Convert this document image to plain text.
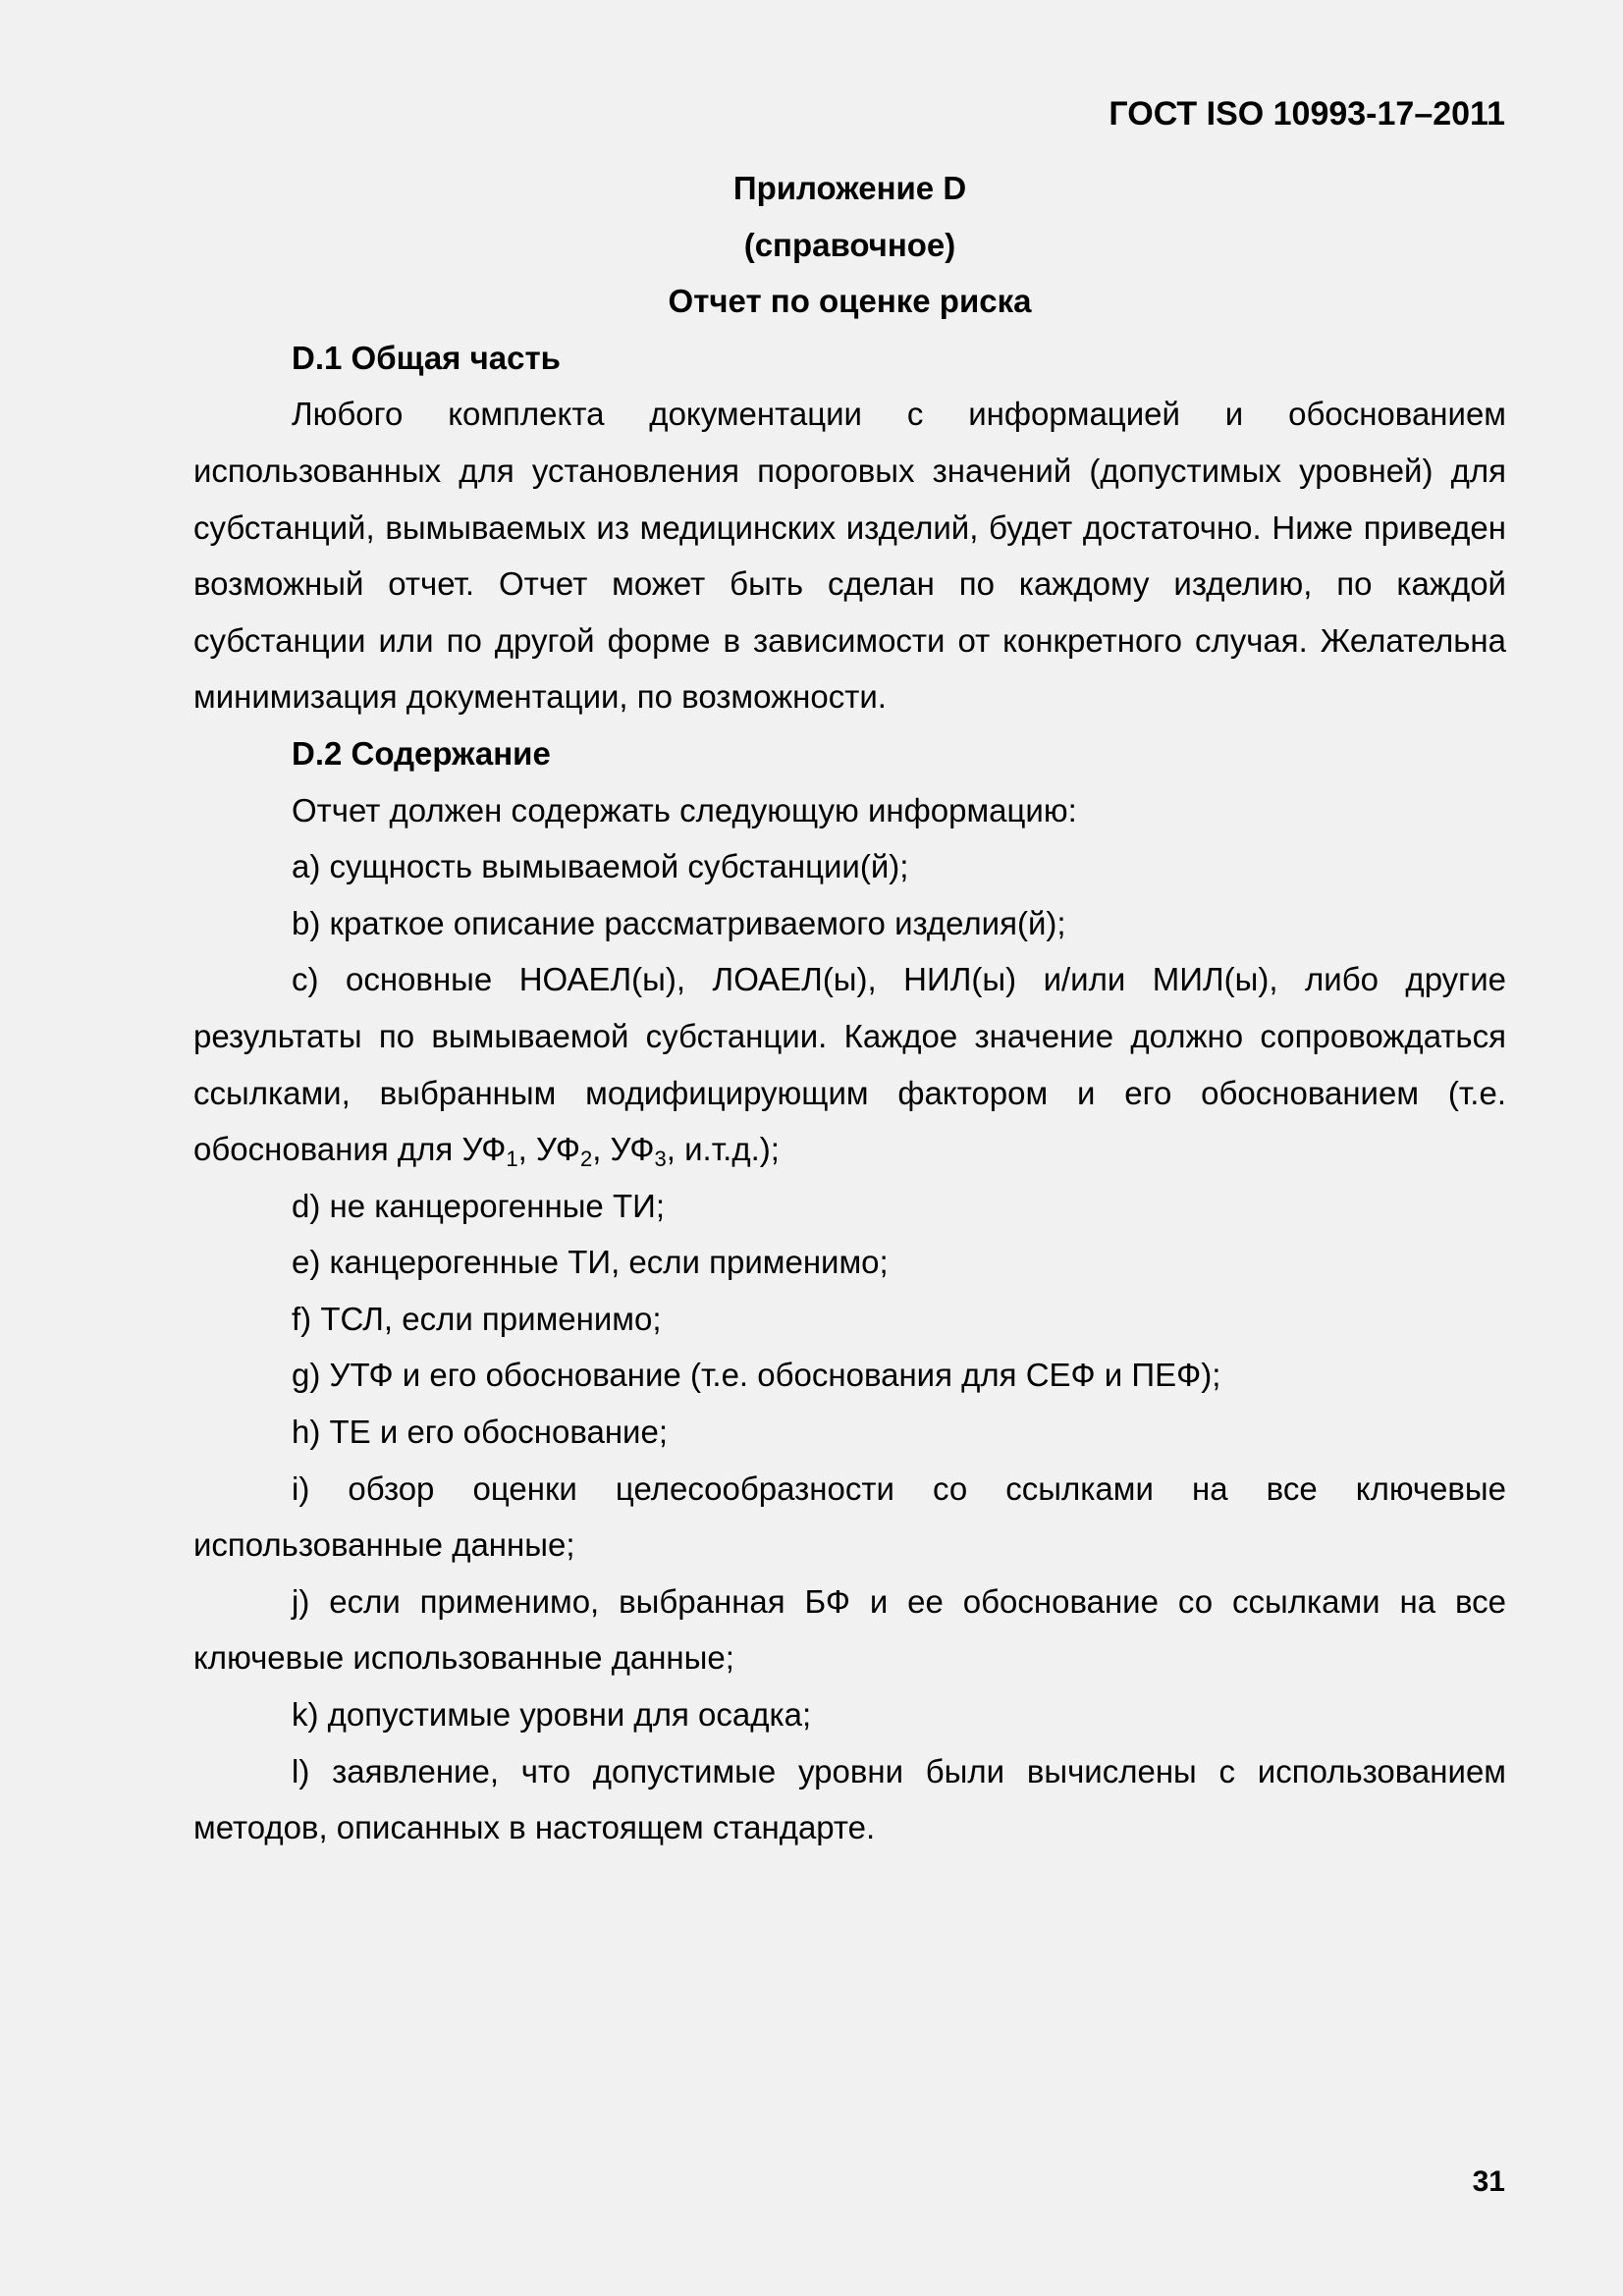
ГОСТ ISO 10993-17–2011

Приложение D

(справочное)

Отчет по оценке риска

D.1 Общая часть

Любого комплекта документации с информацией и обоснованием использованных для установления пороговых значений (допустимых уровней) для субстанций, вымываемых из медицинских изделий, будет достаточно. Ниже приведен возможный отчет. Отчет может быть сделан по каждому изделию, по каждой субстанции или по другой форме в зависимости от конкретного случая. Желательна минимизация документации, по возможности.

D.2 Содержание

Отчет должен содержать следующую информацию:

а) сущность вымываемой субстанции(й);

b) краткое описание рассматриваемого изделия(й);

c) основные НОАЕЛ(ы), ЛОАЕЛ(ы), НИЛ(ы) и/или МИЛ(ы), либо другие результаты по вымываемой субстанции. Каждое значение должно сопровождаться ссылками, выбранным модифицирующим фактором и его обоснованием (т.е. обоснования для $УФ_1$, $УФ_2$, $УФ_3$, и.т.д.);

d) не канцерогенные ТИ;

e) канцерогенные ТИ, если применимо;

f) ТСЛ, если применимо;

g) УТФ и его обоснование (т.е. обоснования для СЕФ и ПЕФ);

h) ТЕ и его обоснование;

i) обзор оценки целесообразности со ссылками на все ключевые использованные данные;

j) если применимо, выбранная БФ и ее обоснование со ссылками на все ключевые использованные данные;

k) допустимые уровни для осадка;

l) заявление, что допустимые уровни были вычислены с использованием методов, описанных в настоящем стандарте.

31
